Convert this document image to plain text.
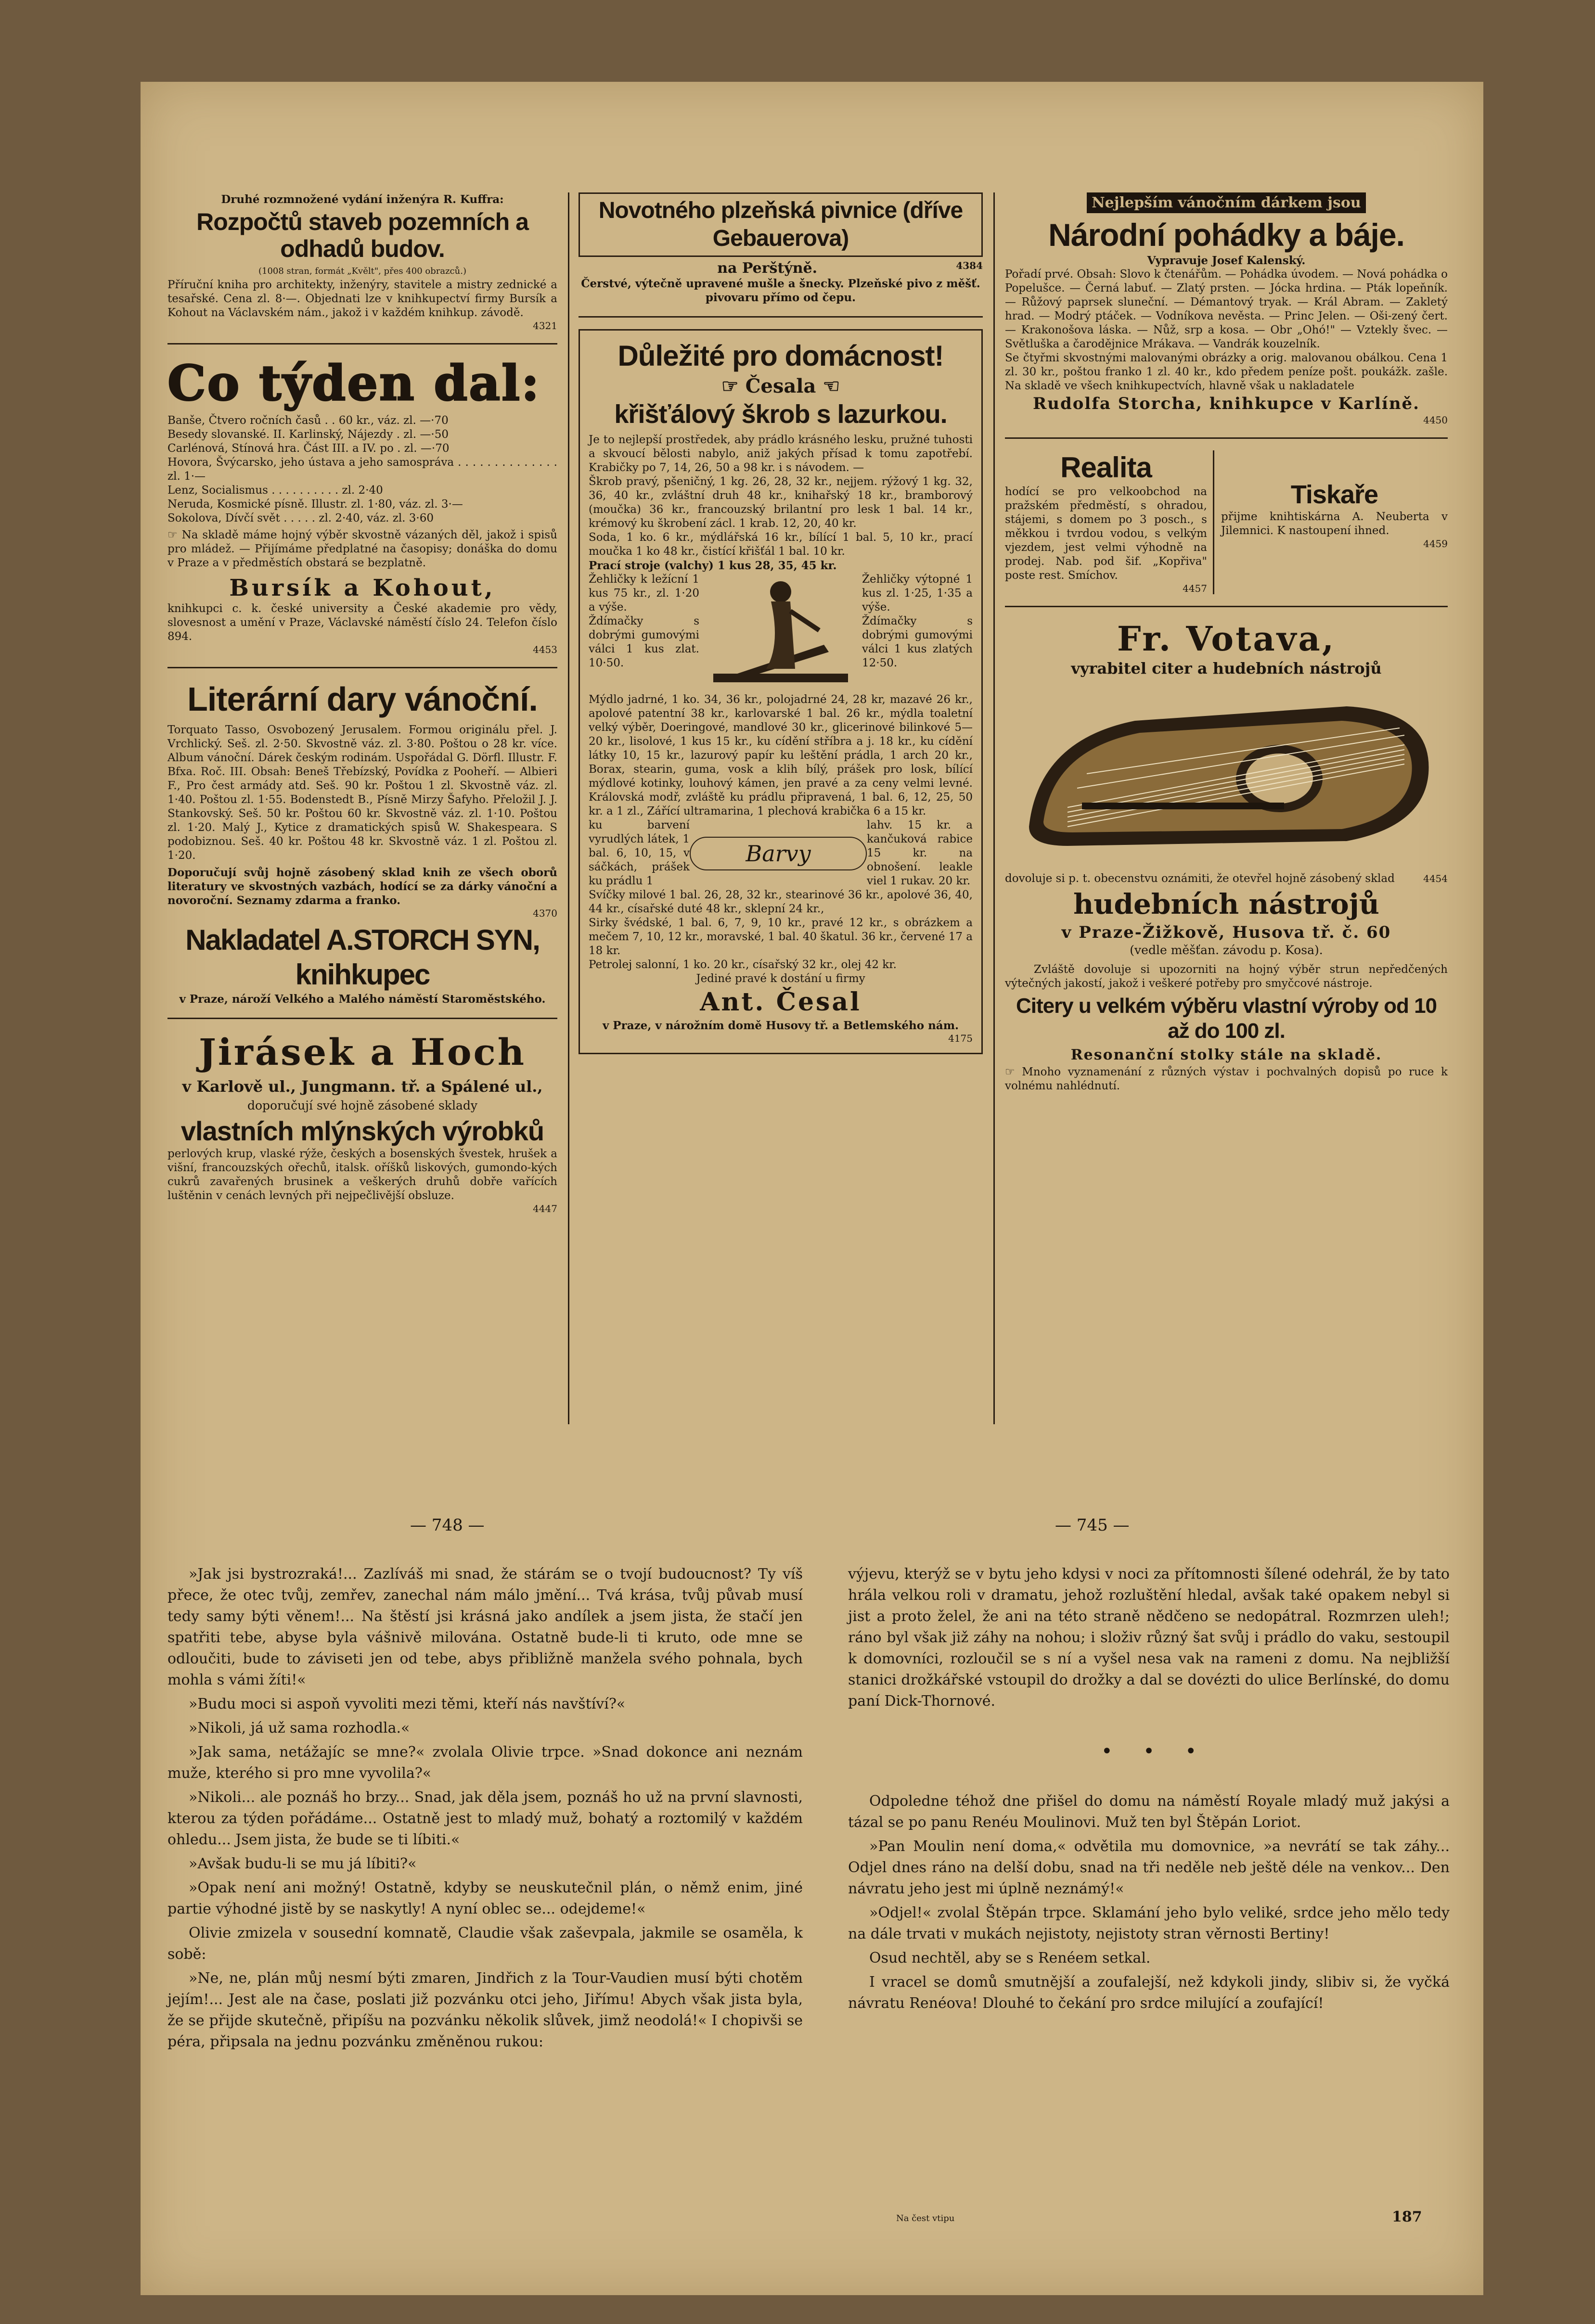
Druhé rozmnožené vydání inženýra R. Kuffra:

Rozpočtů staveb pozemních a odhadů budov.

(1008 stran, formát „Kvělt", přes 400 obrazců.)

Příruční kniha pro architekty, inženýry, stavitele a mistry zednické a tesařské. Cena zl. 8·—. Objednati lze v knihkupectví firmy Bursík a Kohout na Václavském nám., jakož i v každém knihkup. závodě.

4321

Co týden dal:

Banše, Čtvero ročních časů . . 60 kr., váz. zl. —·70

Besedy slovanské. II. Karlinský, Nájezdy . zl. —·50

Carlénová, Stínová hra. Část III. a IV. po . zl. —·70

Hovora, Švýcarsko, jeho ústava a jeho samospráva . . . . . . . . . . . . . . zl. 1·—

Lenz, Socialismus . . . . . . . . . . zl. 2·40

Neruda, Kosmické písně. Illustr. zl. 1·80, váz. zl. 3·—

Sokolova, Dívčí svět . . . . . zl. 2·40, váz. zl. 3·60

☞ Na skladě máme hojný výběr skvostně vázaných děl, jakož i spisů pro mládež. — Přijímáme předplatné na časopisy; donáška do domu v Praze a v předměstích obstará se bezplatně.

Bursík a Kohout,

knihkupci c. k. české university a České akademie pro vědy, slovesnost a umění v Praze, Václavské náměstí číslo 24. Telefon číslo 894.

4453

Literární dary vánoční.

Torquato Tasso, Osvobozený Jerusalem. Formou originálu přel. J. Vrchlický. Seš. zl. 2·50. Skvostně váz. zl. 3·80. Poštou o 28 kr. více. Album vánoční. Dárek českým rodinám. Uspořádal G. Dörfl. Illustr. F. Bfxa. Roč. III. Obsah: Beneš Třebízský, Povídka z Pooheří. — Albieri F., Pro čest armády atd. Seš. 90 kr. Poštou 1 zl. Skvostně váz. zl. 1·40. Poštou zl. 1·55. Bodenstedt B., Písně Mirzy Šafyho. Přeložil J. J. Stankovský. Seš. 50 kr. Poštou 60 kr. Skvostně váz. zl. 1·10. Poštou zl. 1·20. Malý J., Kytice z dramatických spisů W. Shakespeara. S podobiznou. Seš. 40 kr. Poštou 48 kr. Skvostně váz. 1 zl. Poštou zl. 1·20.

Doporučují svůj hojně zásobený sklad knih ze všech oborů literatury ve skvostných vazbách, hodící se za dárky vánoční a novoroční. Seznamy zdarma a franko.

4370

Nakladatel A.STORCH SYN, knihkupec

v Praze, nároží Velkého a Malého náměstí Staroměstského.

Jirásek a Hoch

v Karlově ul., Jungmann. tř. a Spálené ul.,

doporučují své hojně zásobené sklady

vlastních mlýnských výrobků

perlových krup, vlaské rýže, českých a bosenských švestek, hrušek a višní, francouzských ořechů, italsk. oříšků liskových, gumondo-kých cukrů zavařených brusinek a veškerých druhů dobře vařících luštěnin v cenách levných při nejpečlivější obsluze.

4447

Novotného plzeňská pivnice (dříve Gebauerova)

na Perštýně.	4384

Čerstvé, výtečně upravené mušle a šnecky. Plzeňské pivo z měšť. pivovaru přímo od čepu.

Důležité pro domácnost!

☞ Česala ☜

křišťálový škrob s lazurkou.

Je to nejlepší prostředek, aby prádlo krásného lesku, pružné tuhosti a skvoucí bělosti nabylo, aniž jakých přísad k tomu zapotřebí. Krabičky po 7, 14, 26, 50 a 98 kr. i s návodem. —

Škrob pravý, pšeničný, 1 kg. 26, 28, 32 kr., nejjem. rýžový 1 kg. 32, 36, 40 kr., zvláštní druh 48 kr., knihařský 18 kr., bramborový (moučka) 36 kr., francouzský brilantní pro lesk 1 bal. 14 kr., krémový ku škrobení zácl. 1 krab. 12, 20, 40 kr.

Soda, 1 ko. 6 kr., mýdlářská 16 kr., bílící 1 bal. 5, 10 kr., prací moučka 1 ko 48 kr., čistící křišťál 1 bal. 10 kr.

Prací stroje (valchy) 1 kus 28, 35, 45 kr.

Žehličky k ležícní 1 kus 75 kr., zl. 1·20 a výše.

Ždímačky s dobrými gumovými válci 1 kus zlat. 10·50.

Žehličky výtopné 1 kus zl. 1·25, 1·35 a výše.

Ždímačky s dobrými gumovými válci 1 kus zlatých 12·50.

Mýdlo jadrné, 1 ko. 34, 36 kr., polojadrné 24, 28 kr, mazavé 26 kr., apolové patentní 38 kr., karlovarské 1 bal. 26 kr., mýdla toaletní velký výběr, Doeringové, mandlové 30 kr., glicerinové bilinkové 5—20 kr., lisolové, 1 kus 15 kr., ku cídění stříbra a j. 18 kr., ku cídění látky 10, 15 kr., lazurový papír ku leštění prádla, 1 arch 20 kr., Borax, stearin, guma, vosk a klih bílý, prášek pro losk, bílící mýdlové kotinky, louhový kámen, jen pravé a za ceny velmi levné. Královská modř, zvláště ku prádlu připravená, 1 bal. 6, 12, 25, 50 kr. a 1 zl., Zářící ultramarina, 1 plechová krabička 6 a 15 kr.

ku barvení vyrudlých látek, 1 bal. 6, 10, 15, v sáčkách, prášek ku prádlu 1

Barvy

lahv. 15 kr. a kančuková rabice 15 kr. na obnošení. leakle viel 1 rukav. 20 kr.

Svíčky milové 1 bal. 26, 28, 32 kr., stearinové 36 kr., apolové 36, 40, 44 kr., císařské duté 48 kr., sklepní 24 kr.,

Sirky švédské, 1 bal. 6, 7, 9, 10 kr., pravé 12 kr., s obrázkem a mečem 7, 10, 12 kr., moravské, 1 bal. 40 škatul. 36 kr., červené 17 a 18 kr.

Petrolej salonní, 1 ko. 20 kr., císařský 32 kr., olej 42 kr.

Jediné pravé k dostání u firmy

Ant. Česal

v Praze, v nárožním domě Husovy tř. a Betlemského nám.

4175

Nejlepším vánočním dárkem jsou

Národní pohádky a báje.

Vypravuje Josef Kalenský.

Pořadí prvé. Obsah: Slovo k čtenářům. — Pohádka úvodem. — Nová pohádka o Popelušce. — Černá labuť. — Zlatý prsten. — Jócka hrdina. — Pták lopeňník. — Růžový paprsek sluneční. — Démantový tryak. — Král Abram. — Zakletý hrad. — Modrý ptáček. — Vodníkova nevěsta. — Princ Jelen. — Oši-zený čert. — Krakonošova láska. — Nůž, srp a kosa. — Obr „Ohó!" — Vztekly švec. — Světluška a čarodějnice Mrákava. — Vandrák kouzelník.

Se čtyřmi skvostnými malovanými obrázky a orig. malovanou obálkou. Cena 1 zl. 30 kr., poštou franko 1 zl. 40 kr., kdo předem peníze pošt. poukážk. zašle. Na skladě ve všech knihkupectvích, hlavně však u nakladatele

Rudolfa Storcha, knihkupce v Karlíně.

4450

Realita

hodící se pro velkoobchod na pražském předměstí, s ohradou, stájemi, s domem po 3 posch., s měkkou i tvrdou vodou, s velkým vjezdem, jest velmi výhodně na prodej. Nab. pod šif. „Kopřiva" poste rest. Smíchov.

4457

Tiskaře

přijme knihtiskárna A. Neuberta v Jilemnici. K nastoupení ihned.

4459

Fr. Votava,

vyrabitel citer a hudebních nástrojů

dovoluje si p. t. obecenstvu oznámiti, že otevřel hojně zásobený sklad	4454

hudebních nástrojů

v Praze-Žižkově, Husova tř. č. 60

(vedle měšťan. závodu p. Kosa).

Zvláště dovoluje si upozorniti na hojný výběr strun nepředčených výtečných jakostí, jakož i veškeré potřeby pro smyčcové nástroje.

Citery u velkém výběru vlastní výroby od 10 až do 100 zl.

Resonanční stolky stále na skladě.

☞ Mnoho vyznamenání z různých výstav i pochvalných dopisů po ruce k volnému nahlédnutí.

— 748 —	— 745 —

»Jak jsi bystrozraká!... Zazlíváš mi snad, že stárám se o tvojí budoucnost? Ty víš přece, že otec tvůj, zemřev, zanechal nám málo jmění... Tvá krása, tvůj půvab musí tedy samy býti věnem!... Na štěstí jsi krásná jako andílek a jsem jista, že stačí jen spatřiti tebe, abyse byla vášnivě milována. Ostatně bude-li ti kruto, ode mne se odloučiti, bude to záviseti jen od tebe, abys přibližně manžela svého pohnala, bych mohla s vámi žíti!«

»Budu moci si aspoň vyvoliti mezi těmi, kteří nás navštíví?«

»Nikoli, já už sama rozhodla.«

»Jak sama, netážajíc se mne?« zvolala Olivie trpce. »Snad dokonce ani neznám muže, kterého si pro mne vyvolila?«

»Nikoli... ale poznáš ho brzy... Snad, jak děla jsem, poznáš ho už na první slavnosti, kterou za týden pořádáme... Ostatně jest to mladý muž, bohatý a roztomilý v každém ohledu... Jsem jista, že bude se ti líbiti.«

»Avšak budu-li se mu já líbiti?«

»Opak není ani možný! Ostatně, kdyby se neuskutečnil plán, o němž enim, jiné partie výhodné jistě by se naskytly! A nyní oblec se... odejdeme!«

Olivie zmizela v sousední komnatě, Claudie však zaševpala, jakmile se osaměla, k sobě:

»Ne, ne, plán můj nesmí býti zmaren, Jindřich z la Tour-Vaudien musí býti chotěm jejím!... Jest ale na čase, poslati již pozvánku otci jeho, Jiřímu! Abych však jista byla, že se přijde skutečně, připíšu na pozvánku několik slůvek, jimž neodolá!« I chopivši se péra, připsala na jednu pozvánku změněnou rukou:

výjevu, kterýž se v bytu jeho kdysi v noci za přítomnosti šílené odehrál, že by tato hrála velkou roli v dramatu, jehož rozluštění hledal, avšak také opakem nebyl si jist a proto želel, že ani na této straně nědčeno se nedopátral. Rozmrzen uleh!; ráno byl však již záhy na nohou; i složiv různý šat svůj i prádlo do vaku, sestoupil k domovníci, rozloučil se s ní a vyšel nesa vak na rameni z domu. Na nejbližší stanici drožkářské vstoupil do drožky a dal se dovézti do ulice Berlínské, do domu paní Dick-Thornové.

•     •     •

Odpoledne téhož dne přišel do domu na náměstí Royale mladý muž jakýsi a tázal se po panu Renéu Moulinovi. Muž ten byl Štěpán Loriot.

»Pan Moulin není doma,« odvětila mu domovnice, »a nevrátí se tak záhy... Odjel dnes ráno na delší dobu, snad na tři neděle neb ještě déle na venkov... Den návratu jeho jest mi úplně neznámý!«

»Odjel!« zvolal Štěpán trpce. Sklamání jeho bylo veliké, srdce jeho mělo tedy na dále trvati v mukách nejistoty, nejistoty stran věrnosti Bertiny!

Osud nechtěl, aby se s Renéem setkal.

I vracel se domů smutnější a zoufalejší, než kdykoli jindy, slibiv si, že vyčká návratu Renéova! Dlouhé to čekání pro srdce milující a zoufající!

Na čest vtipu	187
